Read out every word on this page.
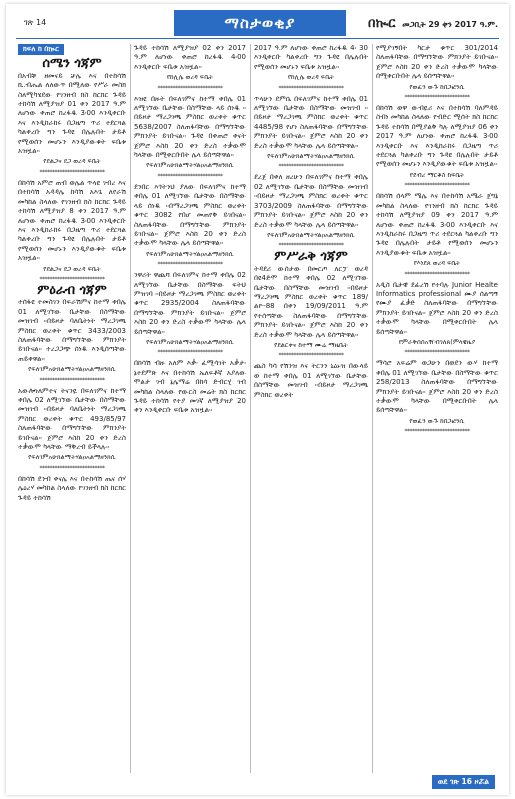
ገጽ 14	ማስታወቂያ	በኲር መጋቢት 29 ቀን 2017 ዓ.ም.
ክፍለ ከ በኲር
ሰሜን ጎጃም
በአብቹ ዘመናይ ቻሌ እና በተከሳሽ ኪ.ብሔል ለለውጥ በሚለው የሥራ መስክ ስለሚካሄደው የገንዘብ ክስ ከርክር ጉዳይ ተከሳሽ ለሚያዝያ 01 ቀን 2017 ዓ.ም ለሆነው ቀጠሮ ከረፋዱ 3፡00 እንዲቀርቡ እና እንዲከራከሩ በጋዜጣ ጥሪ ተደርጓል ካልቀረቡ ግን ጉዳዩ በሌሉበት ታይቶ የሚወሰን መሆኑን እንዲያውቁት ፍቤቱ አዝዟል፡፡
የደልጋና ደጋ ወረዳ ፍቤት
**************************
በከሳሽ አምሮ ጠብ ወሌል ጥላዩ ገብረ እና በተከሳሽ አዳዳሌ ከሳሽ አእጌ ለየራሽ መካከል ስላለው የገንዘብ ክስ ከርክር ጉዳይ ተከሳሽ ለሚያዝያ 8 ቀን 2017 ዓ.ም ለሆነው ቀጠሮ ከረፋዱ 3፡00 እንዲቀርቡ እና እንዲከራከሩ በጋዜጣ ጥሪ ተደርጓል ካልቀረቡ ግን ጉዳዩ በሌሉበት ታይቶ የሚወሰን መሆኑን እንዲያውቁት ፍቤቱ አዝዟል፡፡
የደልጋና ደጋ ወረዳ ፍቤት
**************************
ምዕራብ ጎጃም
ተሰፋዩ ተመስገን በፍራሽምና ከተማ ቀበሌ 01 ለሚገኘው ቤታቸው በስማቸው መዝገብ ፡፡በይዞታ ባለቤትነት ማረጋገጫ ምስክር ወረቀት ቁጥር 3433/2003 ስለጠፋባቸው በማግኘቸው ምክንያት ይገቡናል፡፡ ተረጋጋጭ ሰነዱ እንዲሰጣቸው ጠይቀዋል፡፡
የፍለገምአሁክልማትሃልዐአልማዘንክሲ
**************************
አውሎነለምተና ትናንዬ በፍለገምና ከተማ ቀበሌ 02 ለሚገኘው ቤታቸው በስማቸው መዝገብ ፡፡በይዞታ ባለቤትነት ማረጋገጫ ምስክር ወረቀት ቁጥር 493/85/97 ስለጠፋባቸው በማግኘቸው ምክንያት ይገቡናል፡፡ ጀምሮ እስከ 20 ቀን ድረስ ተቃውሞ ካላቸው ማቅረብ ይችላሉ፡፡
የፍለገምአሁክልማትሃልዐአልማዘንክሲ
**************************
በከሳሽ ደንብ ቀናሌ እና በተከሳሽ ጤና ሰሃ ሌዕረሃ መካከል ስላለው የገንዘብ ክስ ከርክር ጉዳይ ተከሳሽ
ጉዳይ ተከሳሽ ለሚያዝያ 02 ቀን 2017 ዓ.ም ለሆነው ቀጠሮ ከረፋዱ 4፡00 እንዲቀርቡ ፍቤቱ አዝዟል፡፡
የከሊሌ ወረዳ ፍቤት
**************************
እዝዩ በዙት በፍለገምና ከተማ ቀበሌ 01 ለሚገኘው ቤታቸው በስማቸው ላይ ሰነዱ ፡፡በይዞታ ማረጋገጫ ምስክር ወረቀት ቁጥር 5638/2007 ስለጠፋባቸው በማግኘቸው ምክንያት ይገቡናል፡፡ ጉዳዩ በቀጠሮ ቀናት ጀምሮ እስከ 20 ቀን ድረስ ተቃውሞ ካላቸው በሚቀርቡበት ሌላ ይሰጣቸዋል፡፡
የፍለገምአሁክልማትሃልዐአልማዘንክሲ
**************************
ደንበር እጎትንህ ያለው በፍለገምና ከተማ ቀበሌ 01 ለሚገኘው ቤታቸው በስማቸው ላይ ሰነዱ ፡፡በማረጋገጫ ምስክር ወረቀት ቁጥር 3082 የበሆ መጠየቅ ይገበናል፡፡ ስለጠፋባቸው በማግኘቸው ምክንያት ይገቡናል፡፡ ጀምሮ እስከ 20 ቀን ድረስ ተቃውሞ ካላቸው ሌላ ይሰጣቸዋል፡፡
የፍለገምአሁክልማትሃልዐአልማዘንክሲ
**************************
ንዋሪት ዋጨሻ በፍለገምና ከተማ ቀበሌ 02 ለሚገኘው ቤታቸው በስማቸው ፍትህ ምዝገባ ፡፡በይዞታ ማረጋገጫ ምስክር ወረቀት ቁጥር 2935/2004 ስለጠፋባቸው በማግኘቸው ምክንያት ይገቡናል፡፡ ጀምሮ እስከ 20 ቀን ድረስ ተቃውሞ ካላቸው ሌላ ይሰጣቸዋል፡፡
የፍለገምአሁክልማትሃልዐአልማዘንክሲ
**************************
በከሳሽ ብዙ አለም እቃ፡ ፈሚሳገት አቃታ፡ ኔተደምጽ እና በተከሳሽ ኤለፍቶኛ አያለው ሞልታ ገብ ኔሌማሬ በከሳ ድብርሂ ገብ መካከል ስላለው የውርስ መሬት ክስ ከርክር ጉዳይ ተከሳሽ የተያ መገኛ ለሚያዝያ 20 ቀን እንዲቀርቡ ፍቤቱ አዝዟል፡፡
2017 ዓ.ም ለሆነው ቀጠሮ ከረፋዱ 4፡ 30 እንዲቀርቡ ካልቀረቡ ግን ጉዳዩ በሌሉበት የሚወሰን መሆኑን ፍቤቱ አዝዟል፡፡
የከሊሌ ወረዳ ፍቤት
**************************
ጥላሁን ደምሴ በፍለገምና ከተማ ቀበሌ 01 ለሚገኘው ቤታቸው በስማቸው መዝገብ ፡፡በይዞታ ማረጋገጫ ምስክር ወረቀት ቁጥር 4485/98 የሆነ ስለጠፋባቸው በማግኘቸው ምክንያት ይገቡናል፡፡ ጀምሮ እስከ 20 ቀን ድረስ ተቃውሞ ካላቸው ሌላ ይሰጣቸዋል፡፡
የፍለገምአሁክልማትሃልዐአልማዘንክሲ
**************************
ደረጀ በቀለ ዘረሁን በፍለገምና ከተማ ቀበሌ 02 ለሚገኘው ቤታቸው በስማቸው መዝገብ ፡፡በይዞታ ማረጋገጫ ምስክር ወረቀት ቁጥር 3703/2009 ስለጠፋባቸው በማግኘቸው ምክንያት ይገቡናል፡፡ ጀምሮ እስከ 20 ቀን ድረስ ተቃውሞ ካላቸው ሌላ ይሰጣቸዋል፡፡
የፍለገምአሁክልማትሃልዐአልማዘንክሲ
**************************
ምሥራቅ ጎጃም
ትዳደሪ ውሰታው በመርጦ ለርፓ ወረዳ በዩ4ድሞ ከተማ ቀበሌ 02 ለሚገኘው ቤታቸው በስማቸው መዝገብ ፡፡በይዞታ ማረጋገጫ ምስክር ወረቀት ቁጥር 189/ልዮ-88 በቀን 19/09/2011 ዓ.ም የተሰጣቸው ስለጠፋባቸው በማግኘቸው ምክንያት ይገቡናል፡፡ ጀምሮ እስከ 20 ቀን ድረስ ተቃውሞ ካላቸው ሌላ ይሰጣቸዋል፡፡
የደልርቀና ከተማ ሙሬ ማዜቤት
**************************
ጨስ ካሳ የሽንዝ እና ትርንን ኒዕኑዝ በውላይ ወ ከተማ ቀበሌ 01 ለሚገኘው ቤታቸው በስማቸው መዝገብ ፡፡በይዞታ ማረጋገጫ ምስክር ወረቀት
የሚያገኝበት ካርታ ቁጥር 301/2014 ስለጠፋባቸው በማግኘቸው ምክንያት ይገቡናል፡፡ ጀምሮ እስከ 20 ቀን ድረስ ተቃውሞ ካላቸው በሚቀርቡበት ሌላ ይሰጣቸዋል፡፡
የወፈን ውጉ ከበጋፎንሲ
**************************
በከሳሽ ወዋ ውብዬሪ እና በተከሳሽ ባለምዳይ ስብነ መካከል ስላለው የብድር ሚሰት ክስ ከርክር ጉዳይ ተከሳሽ በሚያልቅ ካሉ ለሚያዝያ 06 ቀን 2017 ዓ.ም ለሆነው ቀጠሮ ከረፋዱ 3፡00 እንዲቀርቡ እና እንዲከራከሩ በጋዜጣ ጥሪ ተደርጓል ካልቀረቡ ግን ጉዳዩ በሌሉበት ታይቶ የሚወሰን መሆኑን እንዲያውቁት ፍቤቱ አዝዟል፡፡
የደብረ ማርቆስ ከፍቤት
**************************
በከሳሽ ሰላም ሜሌ እና በተከሳሽ አሜራ ጀግኔ መካከል ስላለው የገንዘብ ክስ ከርክር ጉዳይ ተከሳሽ ለሚያዝያ 09 ቀን 2017 ዓ.ም ለሆነው ቀጠሮ ከረፋዱ 3፡00 እንዲቀርቡ እና እንዲከራከሩ በጋዜጣ ጥሪ ተደርጓል ካልቀረቡ ግን ጉዳዩ በሌሉበት ታይቶ የሚወሰን መሆኑን እንዲያውቁት ፍቤቱ አዝዟል፡፡
የእነደጸ ወረዳ ፍቤት
**************************
አዲስ ቤታዊ ደፊረሽ የተባሉ Junior Healte Informatics professional ሙያ ሰልጣኝ የሙያ ፈቃድ ስለጠፋባቸው በማግኘቸው ምክንያት ይገቡናል፡፡ ጀምሮ እስከ 20 ቀን ድረስ ተቃውሞ ካላቸው በሚቀርቡበት ሌላ ይሰጣቸዋል፡፡
የምራቅሰሰአዥብገለጸ(ምላዌዜያ
**************************
ማሳሮ አፍሬም ወጋሁን በወደን ውሃ ከተማ ቀበሌ 01 ለሚገኘው ቤታቸው በስማቸው ቁጥር 258/2013 ስለጠፋባቸው በማግኘቸው ምክንያት ይገቡናል፡፡ ጀምሮ እስከ 20 ቀን ድረስ ተቃውሞ ካላቸው በሚቀርቡበት ሌላ ይሰጣቸዋል፡፡
የወፈን ውጉ ከበጋፎንሲ
**************************
ወደ ገጽ 16 ዞሯል
